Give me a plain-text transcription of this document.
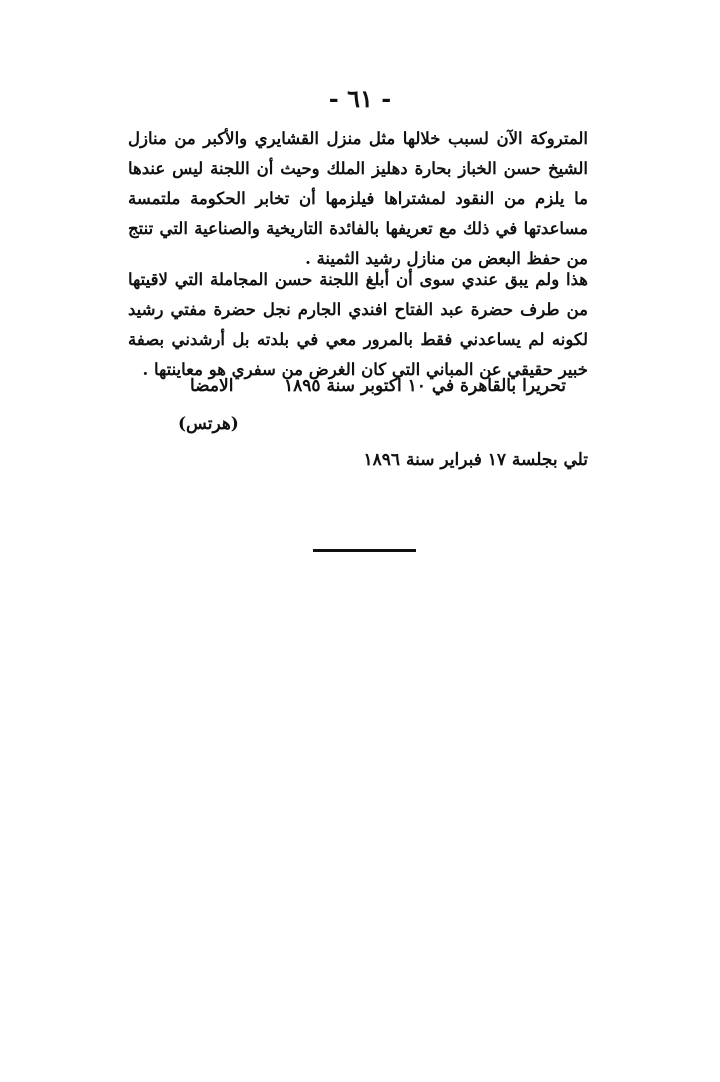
- ٦١ -
المتروكة الآن لسبب خلالها مثل منزل القشايري والأكبر من منازل الشيخ حسن الخباز بحارة دهليز الملك وحيث أن اللجنة ليس عندها ما يلزم من النقود لمشتراها فيلزمها أن تخابر الحكومة ملتمسة مساعدتها في ذلك مع تعريفها بالفائدة التاريخية والصناعية التي تنتج من حفظ البعض من منازل رشيد الثمينة .
هذا ولم يبق عندي سوى أن أبلغ اللجنة حسن المجاملة التي لاقيتها من طرف حضرة عبد الفتاح افندي الجارم نجل حضرة مفتي رشيد لكونه لم يساعدني فقط بالمرور معي في بلدته بل أرشدني بصفة خبير حقيقي عن المباني التي كان الغرض من سفري هو معاينتها .
تحريرا بالقاهرة في ١٠ اكتوبر سنة ١٨٩٥
الامضا
(هرتس)
تلي بجلسة ١٧ فبراير سنة ١٨٩٦
